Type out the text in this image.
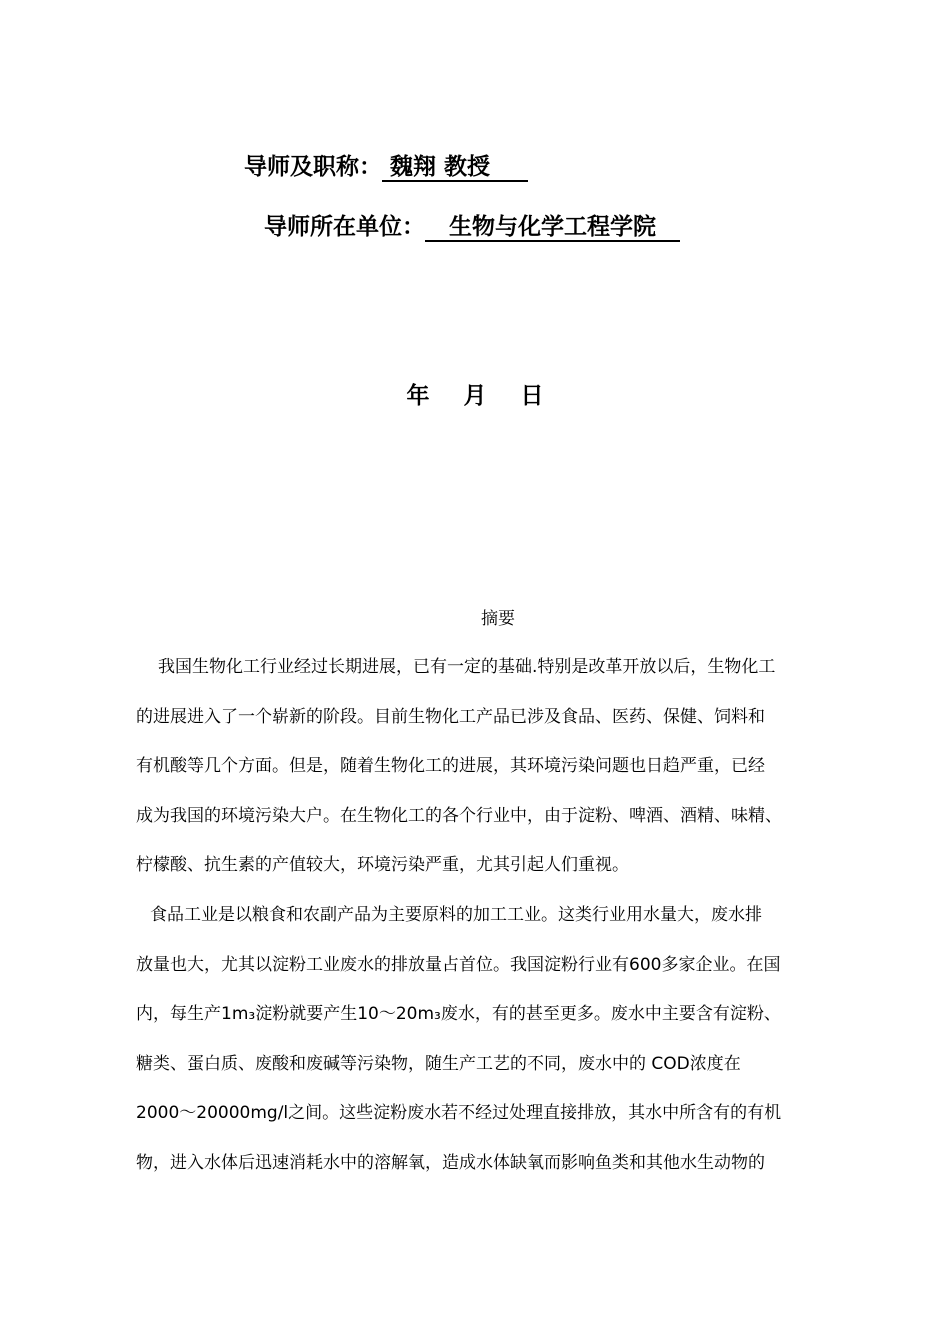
导师及职称： 魏翔 教授
导师所在单位： 生物与化学工程学院
年 月 日
摘要

我国生物化工行业经过长期进展，已有一定的基础.特别是改革开放以后，生物化工
的进展进入了一个崭新的阶段。目前生物化工产品已涉及食品、医药、保健、饲料和
有机酸等几个方面。但是，随着生物化工的进展，其环境污染问题也日趋严重，已经
成为我国的环境污染大户。在生物化工的各个行业中，由于淀粉、啤酒、酒精、味精、
柠檬酸、抗生素的产值较大，环境污染严重，尤其引起人们重视。

食品工业是以粮食和农副产品为主要原料的加工工业。这类行业用水量大，废水排
放量也大，尤其以淀粉工业废水的排放量占首位。我国淀粉行业有600多家企业。在国
内，每生产1m₃淀粉就要产生10～20m₃废水，有的甚至更多。废水中主要含有淀粉、
糖类、蛋白质、废酸和废碱等污染物，随生产工艺的不同，废水中的 COD浓度在
2000～20000mg/l之间。这些淀粉废水若不经过处理直接排放，其水中所含有的有机
物，进入水体后迅速消耗水中的溶解氧，造成水体缺氧而影响鱼类和其他水生动物的
